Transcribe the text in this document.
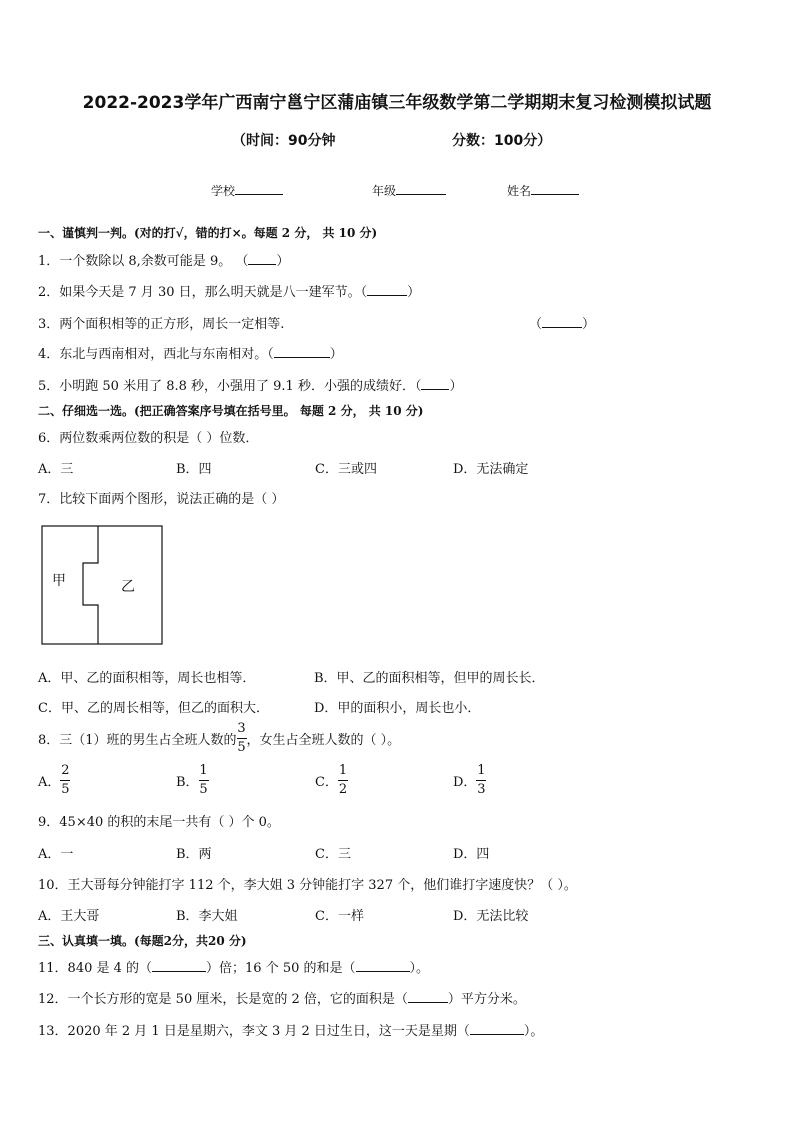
2022-2023学年广西南宁邕宁区蒲庙镇三年级数学第二学期期末复习检测模拟试题
（时间：90分钟	分数：100分）
学校	年级	姓名
一、谨慎判一判。(对的打√，错的打×。每题 2 分， 共 10 分)
1．一个数除以 8,余数可能是 9。 （ ）
2．如果今天是 7 月 30 日，那么明天就是八一建军节。（	）
3．两个面积相等的正方形，周长一定相等.	（	）
4．东北与西南相对，西北与东南相对。（	）
5．小明跑 50 米用了 8.8 秒，小强用了 9.1 秒．小强的成绩好．（ ）
二、仔细选一选。(把正确答案序号填在括号里。 每题 2 分， 共 10 分)
6．两位数乘两位数的积是（ ）位数．
A．三	B．四	C．三或四	D．无法确定
7．比较下面两个图形，说法正确的是（ ）
甲	乙
A．甲、乙的面积相等，周长也相等．	B．甲、乙的面积相等，但甲的周长长．
C．甲、乙的周长相等，但乙的面积大．	D．甲的面积小，周长也小．
8．三（1）班的男生占全班人数的 $\frac{3}{5}$ ，女生占全班人数的（ ）。
A． $\frac{2}{5}$	B． $\frac{1}{5}$	C． $\frac{1}{2}$	D． $\frac{1}{3}$
9．45×40 的积的末尾一共有（ ）个 0。
A．一	B．两	C．三	D．四
10．王大哥每分钟能打字 112 个，李大姐 3 分钟能打字 327 个，他们谁打字速度快？（ ）。
A．王大哥	B．李大姐	C．一样	D．无法比较
三、认真填一填。(每题2分，共20 分)
11．840 是 4 的（	）倍；16 个 50 的和是（	）。
12．一个长方形的宽是 50 厘米，长是宽的 2 倍，它的面积是（	）平方分米。
13．2020 年 2 月 1 日是星期六，李文 3 月 2 日过生日，这一天是星期（	）。
